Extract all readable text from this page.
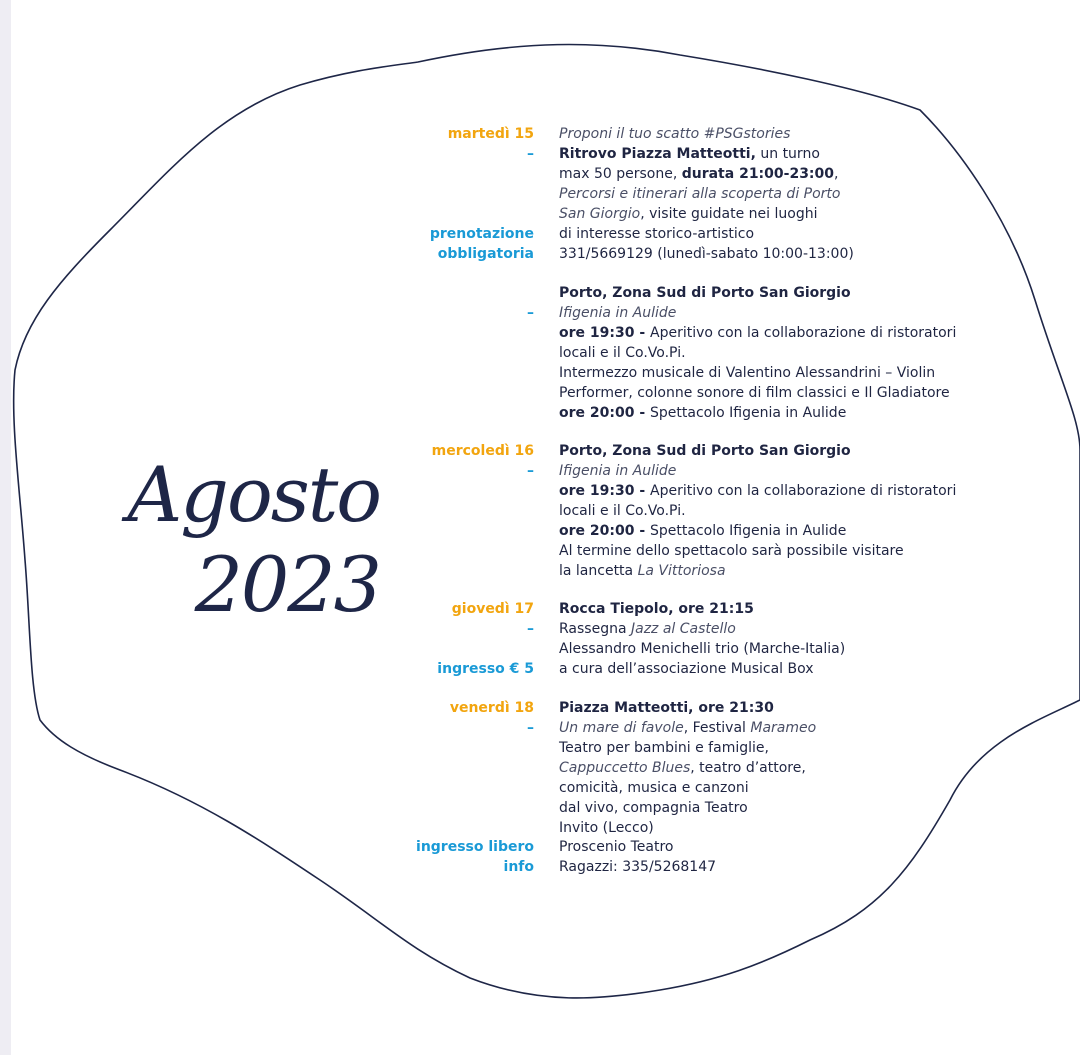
Agosto
2023
martedì 15
–
prenotazione
obbligatoria
Proponi il tuo scatto #PSGstories
Ritrovo Piazza Matteotti, un turno
max 50 persone, durata 21:00-23:00,
Percorsi e itinerari alla scoperta di Porto
San Giorgio, visite guidate nei luoghi
di interesse storico-artistico
331/5669129 (lunedì-sabato 10:00-13:00)
–
Porto, Zona Sud di Porto San Giorgio
Ifigenia in Aulide
ore 19:30 - Aperitivo con la collaborazione di ristoratori
locali e il Co.Vo.Pi.
Intermezzo musicale di Valentino Alessandrini – Violin
Performer, colonne sonore di film classici e Il Gladiatore
ore 20:00 - Spettacolo Ifigenia in Aulide
mercoledì 16
–
Porto, Zona Sud di Porto San Giorgio
Ifigenia in Aulide
ore 19:30 - Aperitivo con la collaborazione di ristoratori
locali e il Co.Vo.Pi.
ore 20:00 - Spettacolo Ifigenia in Aulide
Al termine dello spettacolo sarà possibile visitare
la lancetta La Vittoriosa
giovedì 17
–
ingresso € 5
Rocca Tiepolo, ore 21:15
Rassegna Jazz al Castello
Alessandro Menichelli trio (Marche-Italia)
a cura dell’associazione Musical Box
venerdì 18
–
ingresso libero
info
Piazza Matteotti, ore 21:30
Un mare di favole, Festival Marameo
Teatro per bambini e famiglie,
Cappuccetto Blues, teatro d’attore,
comicità, musica e canzoni
dal vivo, compagnia Teatro
Invito (Lecco)
Proscenio Teatro
Ragazzi: 335/5268147
